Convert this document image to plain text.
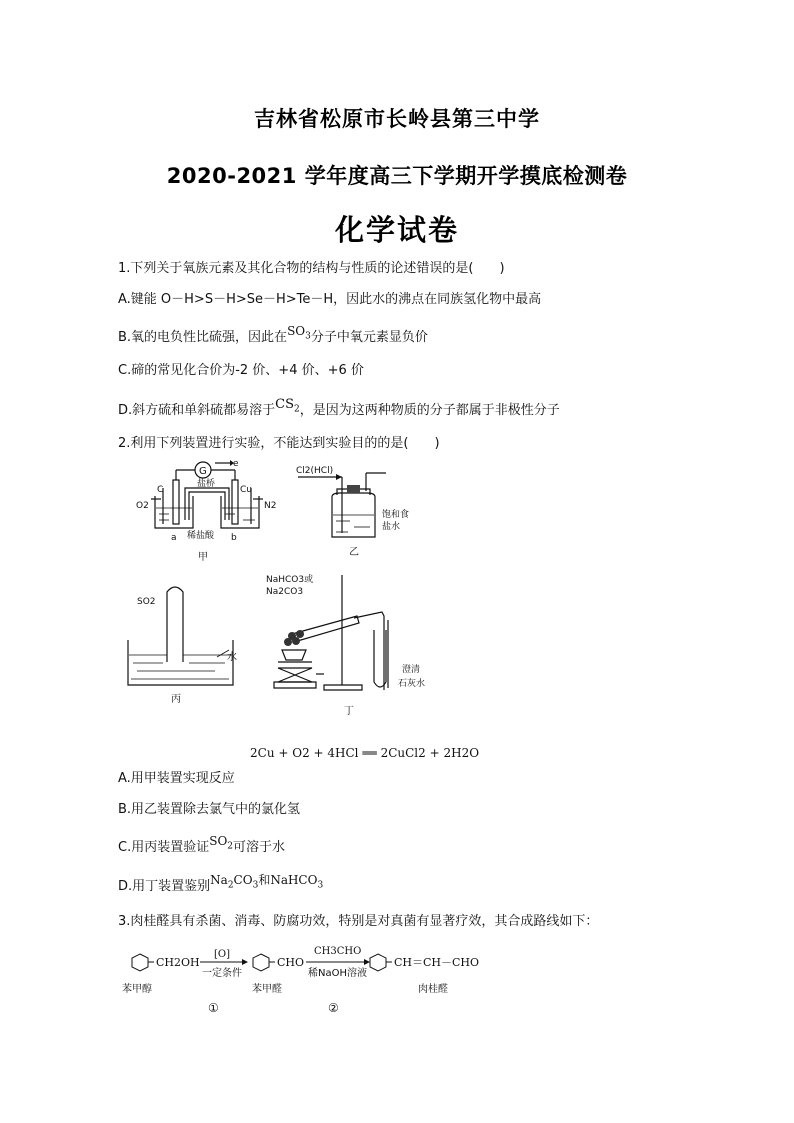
吉林省松原市长岭县第三中学
2020-2021 学年度高三下学期开学摸底检测卷
化学试卷
1.下列关于氧族元素及其化合物的结构与性质的论述错误的是(　　)
A.键能 O－H>S－H>Se－H>Te－H，因此水的沸点在同族氢化物中最高
B.氧的电负性比硫强，因此在$SO_3$分子中氧元素显负价
C.碲的常见化合价为-2 价、+4 价、+6 价
D.斜方硫和单斜硫都易溶于$CS_2$，是因为这两种物质的分子都属于非极性分子
2.利用下列装置进行实验，不能达到实验目的的是(　　)
G
e
盐桥
C	Cu
O2	N2
稀盐酸
a	b
甲
Cl2(HCl)
饱和食
盐水
乙
SO2
水
丙
NaHCO3或
Na2CO3
澄清
石灰水
丁
2Cu + O2 + 4HCl ══ 2CuCl2 + 2H2O
A.用甲装置实现反应
B.用乙装置除去氯气中的氯化氢
C.用丙装置验证$SO_2$可溶于水
D.用丁装置鉴别$Na_2CO_3$和NaHCO$_3$
3.肉桂醛具有杀菌、消毒、防腐功效，特别是对真菌有显著疗效，其合成路线如下：
CH2OH
[O]
一定条件
CHO
CH3CHO
稀NaOH溶液
CH＝CH－CHO
苯甲醇	苯甲醛	肉桂醛
①	②
